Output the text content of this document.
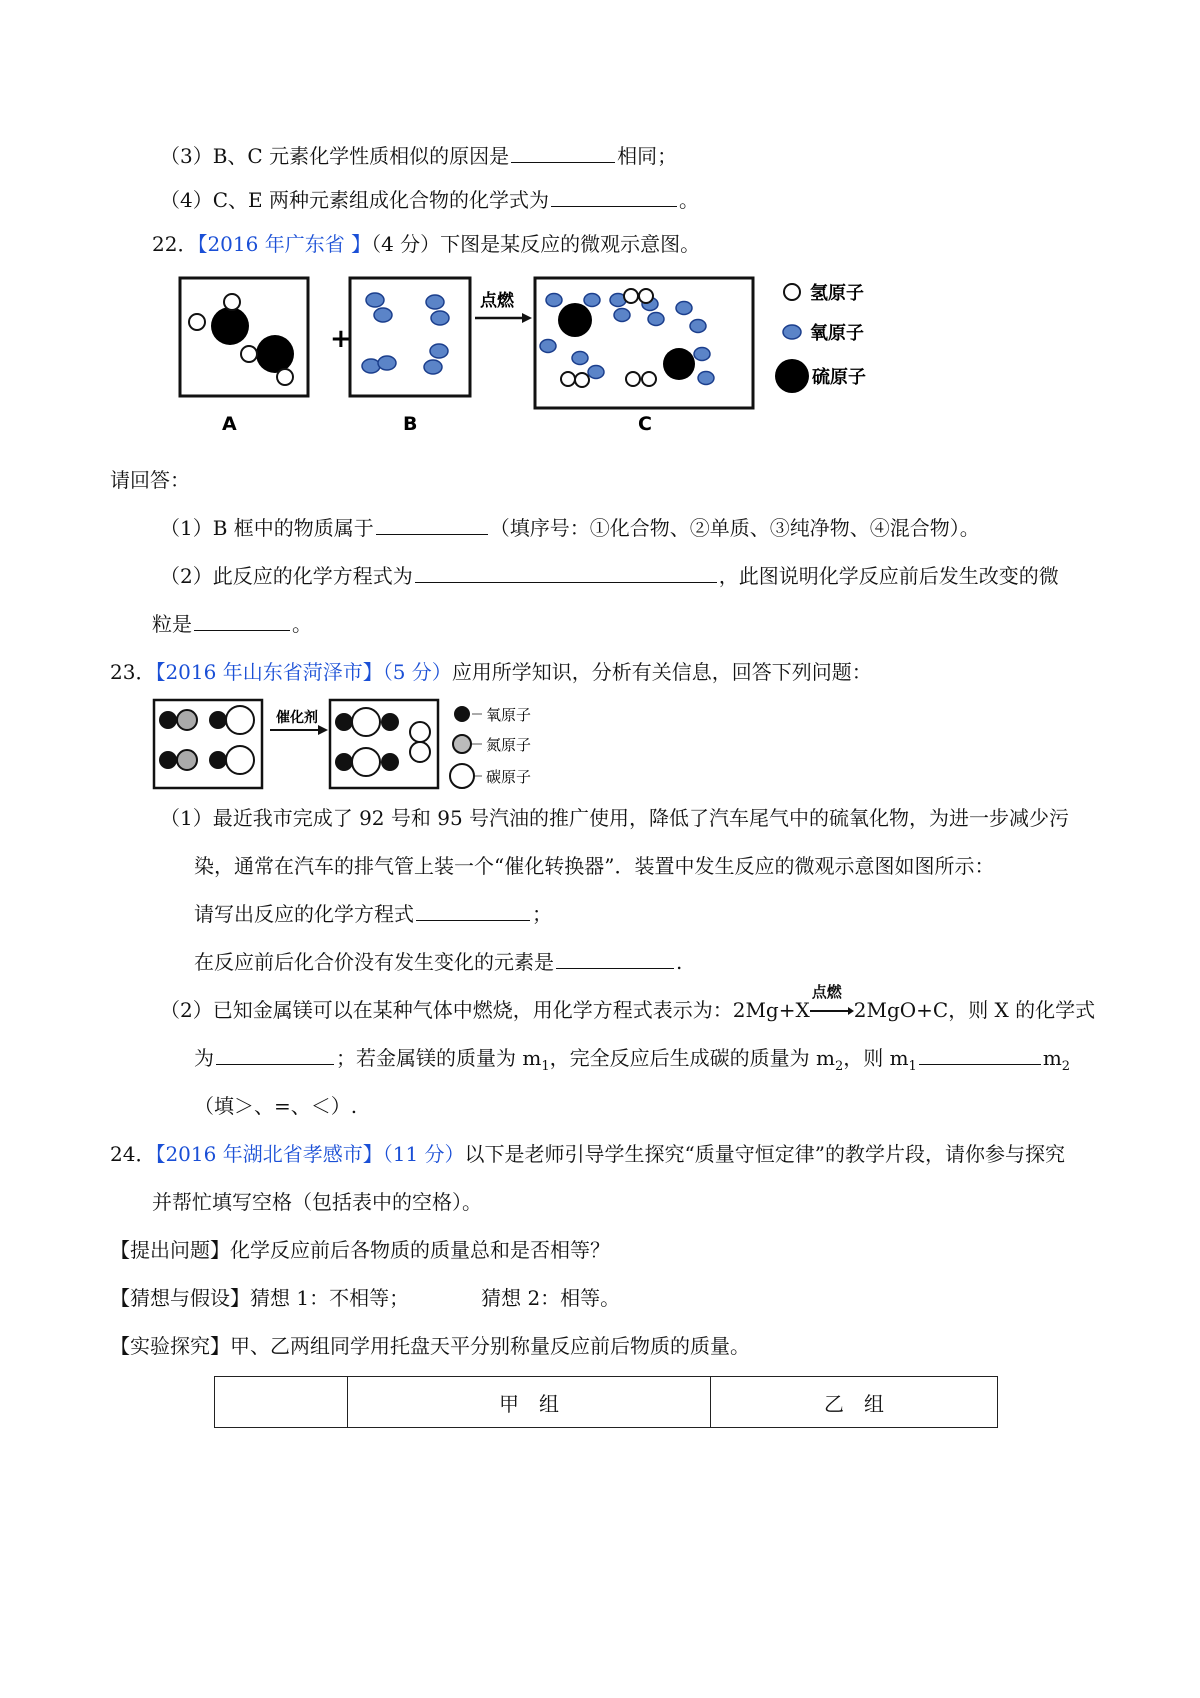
（3）B、C 元素化学性质相似的原因是	相同；
（4）C、E 两种元素组成化合物的化学式为	。
22．【2016 年广东省 】（4 分）下图是某反应的微观示意图。
+
点燃	氢原子
氧原子
硫原子
A	B	C
请回答：
（1）B 框中的物质属于	（填序号：①化合物、②单质、③纯净物、④混合物）。
（2）此反应的化学方程式为	，此图说明化学反应前后发生改变的微
粒是	。
23．【2016 年山东省菏泽市】（5 分）应用所学知识，分析有关信息，回答下列问题：
催化剂	氧原子
氮原子
碳原子
（1）最近我市完成了 92 号和 95 号汽油的推广使用，降低了汽车尾气中的硫氧化物，为进一步减少污
染，通常在汽车的排气管上装一个“催化转换器”．装置中发生反应的微观示意图如图所示：
请写出反应的化学方程式	；
在反应前后化合价没有发生变化的元素是	.
（2）已知金属镁可以在某种气体中燃烧，用化学方程式表示为：2Mg+X
点燃
2MgO+C，则 X 的化学式
为	；若金属镁的质量为 $m_1$，完全反应后生成碳的质量为 $m_2$，则 $m_1$	$m_2$
（填＞、=、＜）.
24．【2016 年湖北省孝感市】（11 分）以下是老师引导学生探究“质量守恒定律”的教学片段，请你参与探究
并帮忙填写空格（包括表中的空格）。
【提出问题】化学反应前后各物质的质量总和是否相等？
【猜想与假设】猜想 1：不相等；	猜想 2：相等。
【实验探究】甲、乙两组同学用托盘天平分别称量反应前后物质的质量。
	甲　组	乙　组
